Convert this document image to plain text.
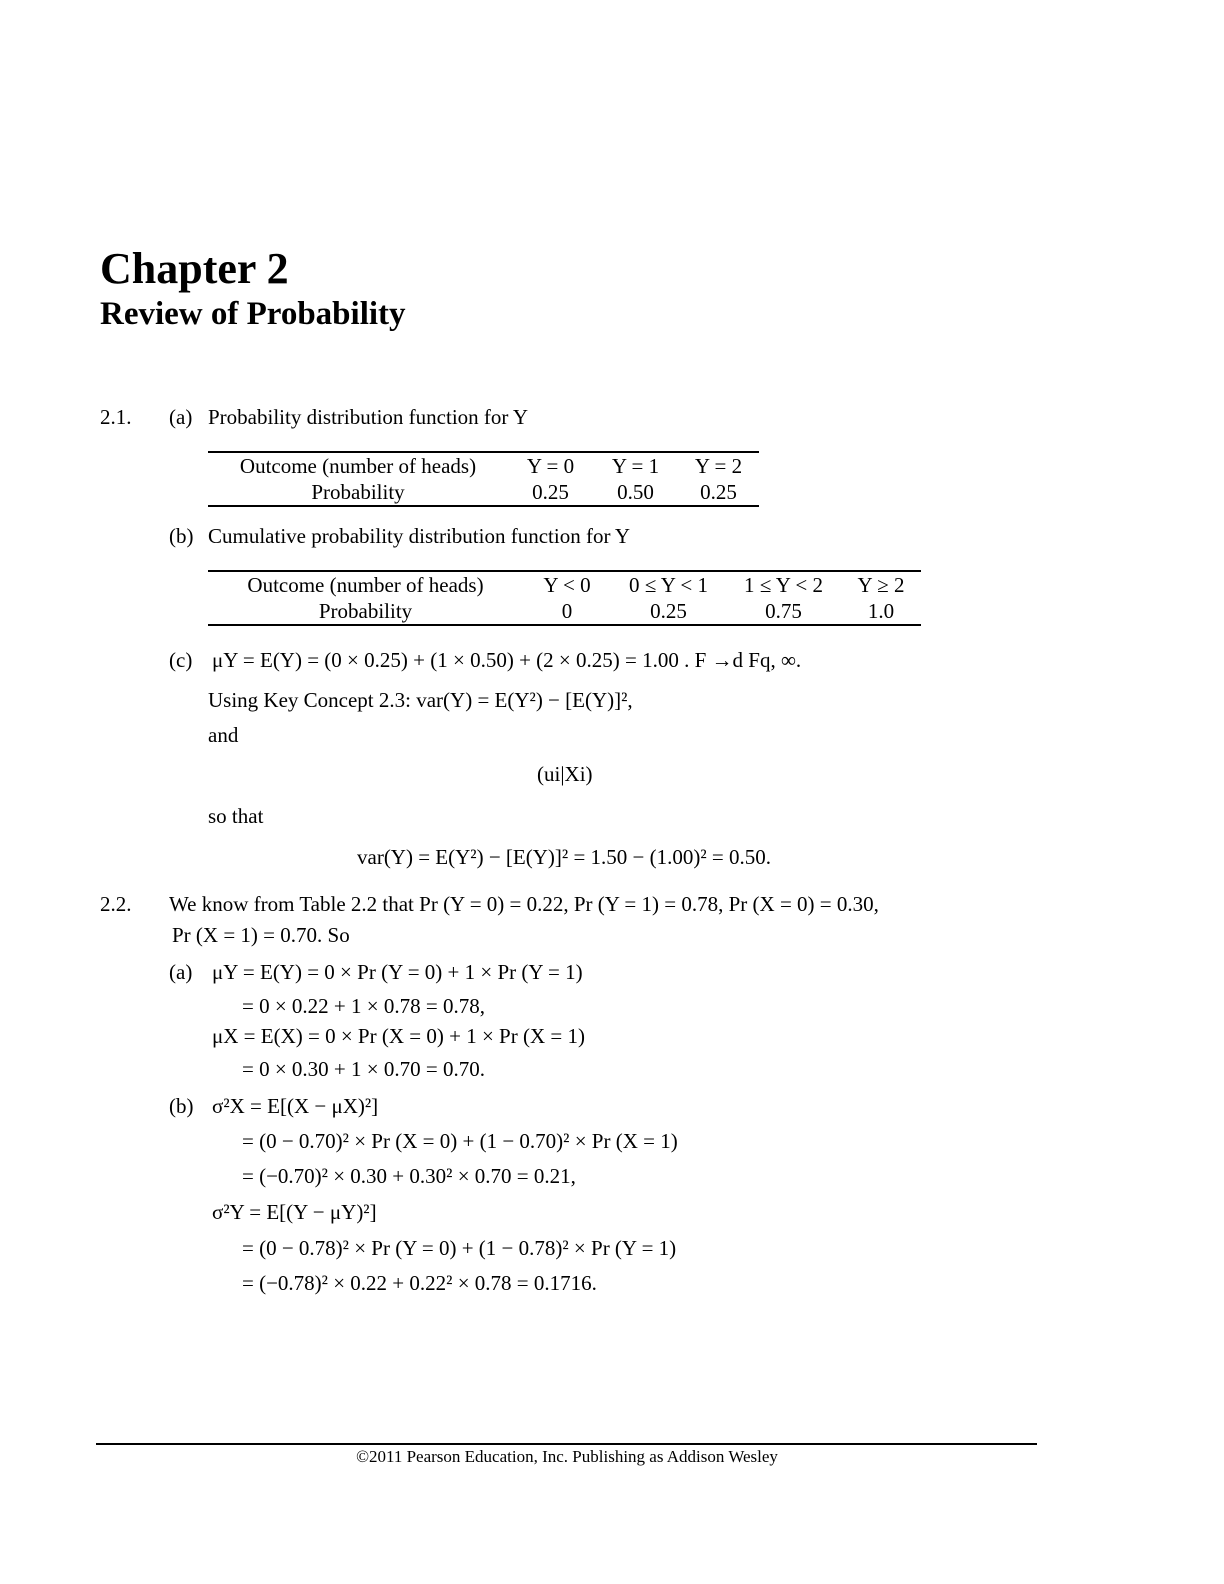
Chapter 2
Review of Probability
2.1. (a) Probability distribution function for Y
Outcome (number of heads)	Y = 0	Y = 1	Y = 2
Probability	0.25	0.50	0.25
(b) Cumulative probability distribution function for Y
Outcome (number of heads)	Y < 0	0 ≤ Y < 1	1 ≤ Y < 2	Y ≥ 2
Probability	0	0.25	0.75	1.0
(c) μY = E(Y) = (0 × 0.25) + (1 × 0.50) + (2 × 0.25) = 1.00 . F →d Fq, ∞.
Using Key Concept 2.3: var(Y) = E(Y²) − [E(Y)]²,
and
(ui|Xi)
so that
var(Y) = E(Y²) − [E(Y)]² = 1.50 − (1.00)² = 0.50.
2.2. We know from Table 2.2 that Pr (Y = 0) = 0.22, Pr (Y = 1) = 0.78, Pr (X = 0) = 0.30,
Pr (X = 1) = 0.70. So
(a) μY = E(Y) = 0 × Pr (Y = 0) + 1 × Pr (Y = 1)
= 0 × 0.22 + 1 × 0.78 = 0.78,
μX = E(X) = 0 × Pr (X = 0) + 1 × Pr (X = 1)
= 0 × 0.30 + 1 × 0.70 = 0.70.
(b) σ²X = E[(X − μX)²]
= (0 − 0.70)² × Pr (X = 0) + (1 − 0.70)² × Pr (X = 1)
= (−0.70)² × 0.30 + 0.30² × 0.70 = 0.21,
σ²Y = E[(Y − μY)²]
= (0 − 0.78)² × Pr (Y = 0) + (1 − 0.78)² × Pr (Y = 1)
= (−0.78)² × 0.22 + 0.22² × 0.78 = 0.1716.
©2011 Pearson Education, Inc. Publishing as Addison Wesley
